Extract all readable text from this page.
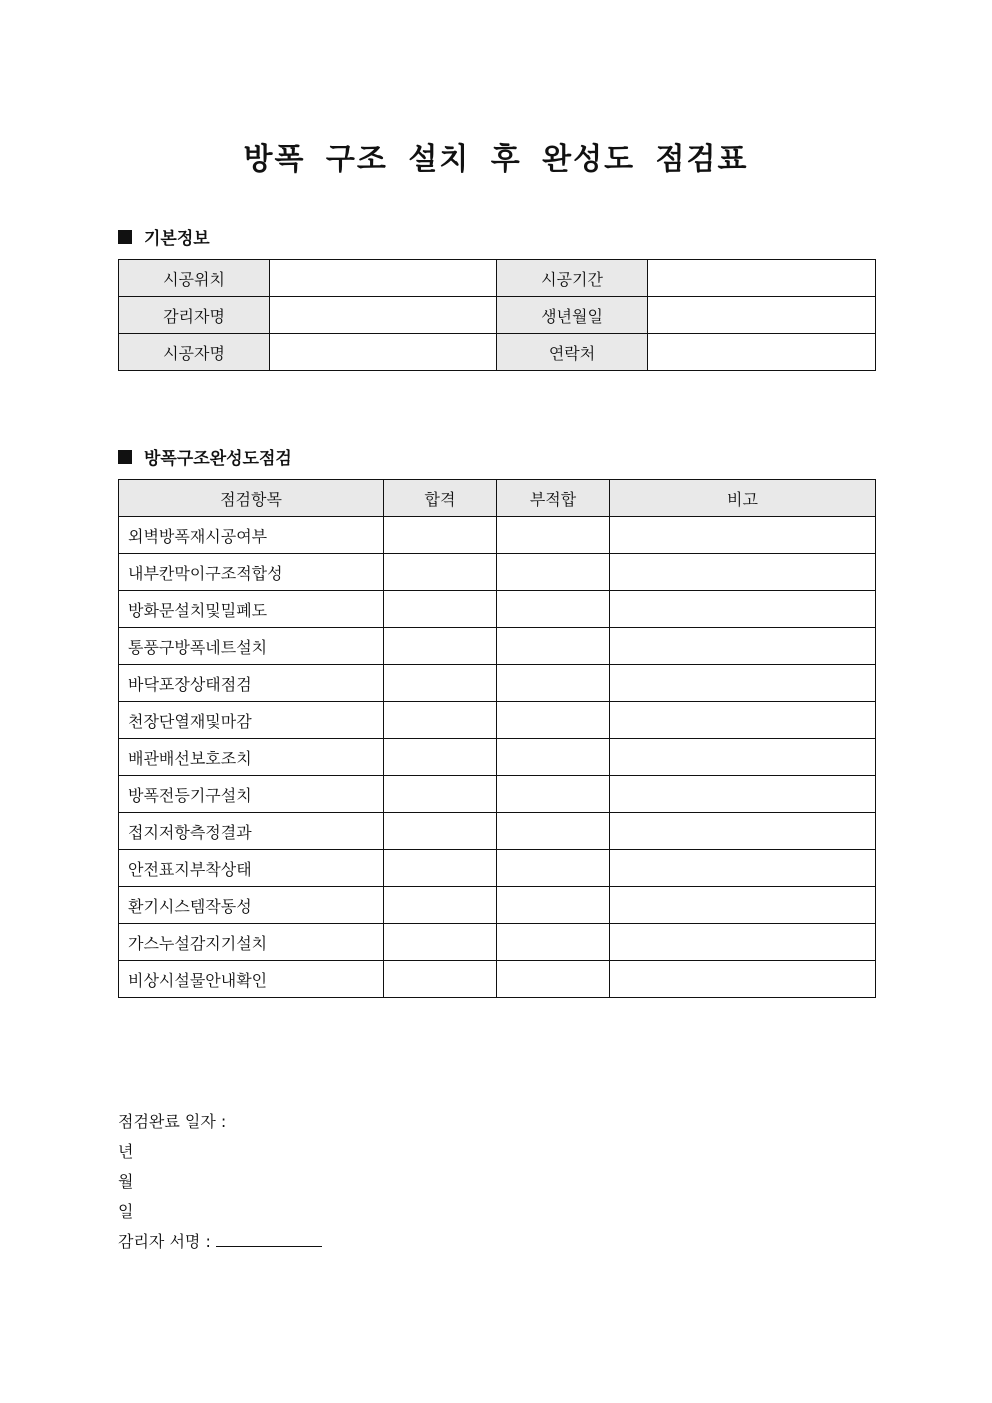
방폭 구조 설치 후 완성도 점검표
기본정보
시공위치		시공기간	
감리자명		생년월일	
시공자명		연락처	
방폭구조완성도점검
점검항목	합격	부적합	비고
외벽방폭재시공여부			
내부칸막이구조적합성			
방화문설치및밀폐도			
통풍구방폭네트설치			
바닥포장상태점검			
천장단열재및마감			
배관배선보호조치			
방폭전등기구설치			
접지저항측정결과			
안전표지부착상태			
환기시스템작동성			
가스누설감지기설치			
비상시설물안내확인			
점검완료 일자 :
년
월
일
감리자 서명 :
